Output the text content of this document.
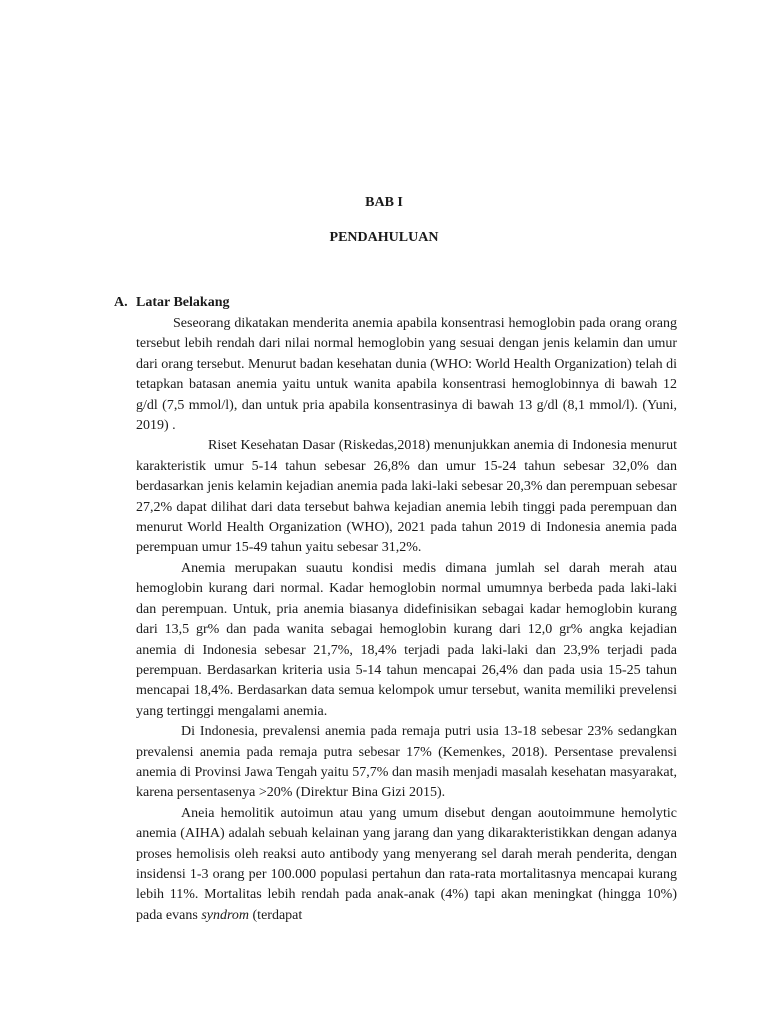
BAB I
PENDAHULUAN
A. Latar Belakang

Seseorang dikatakan menderita anemia apabila konsentrasi hemoglobin pada orang orang tersebut lebih rendah dari nilai normal hemoglobin yang sesuai dengan jenis kelamin dan umur dari orang tersebut. Menurut badan kesehatan dunia (WHO: World Health Organization) telah di tetapkan batasan anemia yaitu untuk wanita apabila konsentrasi hemoglobinnya di bawah 12 g/dl (7,5 mmol/l), dan untuk pria apabila konsentrasinya di bawah 13 g/dl (8,1 mmol/l). (Yuni, 2019) .

Riset Kesehatan Dasar (Riskedas,2018) menunjukkan anemia di Indonesia menurut karakteristik umur 5-14 tahun sebesar 26,8% dan umur 15-24 tahun sebesar 32,0% dan berdasarkan jenis kelamin kejadian anemia pada laki-laki sebesar 20,3% dan perempuan sebesar 27,2% dapat dilihat dari data tersebut bahwa kejadian anemia lebih tinggi pada perempuan dan menurut World Health Organization (WHO), 2021 pada tahun 2019 di Indonesia anemia pada perempuan umur 15-49 tahun yaitu sebesar 31,2%.

Anemia merupakan suautu kondisi medis dimana jumlah sel darah merah atau hemoglobin kurang dari normal. Kadar hemoglobin normal umumnya berbeda pada laki-laki dan perempuan. Untuk, pria anemia biasanya didefinisikan sebagai kadar hemoglobin kurang dari 13,5 gr% dan pada wanita sebagai hemoglobin kurang dari 12,0 gr% angka kejadian anemia di Indonesia sebesar 21,7%, 18,4% terjadi pada laki-laki dan 23,9% terjadi pada perempuan. Berdasarkan kriteria usia 5-14 tahun mencapai 26,4% dan pada usia 15-25 tahun mencapai 18,4%. Berdasarkan data semua kelompok umur tersebut, wanita memiliki prevelensi yang tertinggi mengalami anemia.

Di Indonesia, prevalensi anemia pada remaja putri usia 13-18 sebesar 23% sedangkan prevalensi anemia pada remaja putra sebesar 17% (Kemenkes, 2018). Persentase prevalensi anemia di Provinsi Jawa Tengah yaitu 57,7% dan masih menjadi masalah kesehatan masyarakat, karena persentasenya >20% (Direktur Bina Gizi 2015).

Aneia hemolitik autoimun atau yang umum disebut dengan aoutoimmune hemolytic anemia (AIHA) adalah sebuah kelainan yang jarang dan yang dikarakteristikkan dengan adanya proses hemolisis oleh reaksi auto antibody yang menyerang sel darah merah penderita, dengan insidensi 1-3 orang per 100.000 populasi pertahun dan rata-rata mortalitasnya mencapai kurang lebih 11%. Mortalitas lebih rendah pada anak-anak (4%) tapi akan meningkat (hingga 10%) pada evans syndrom (terdapat
